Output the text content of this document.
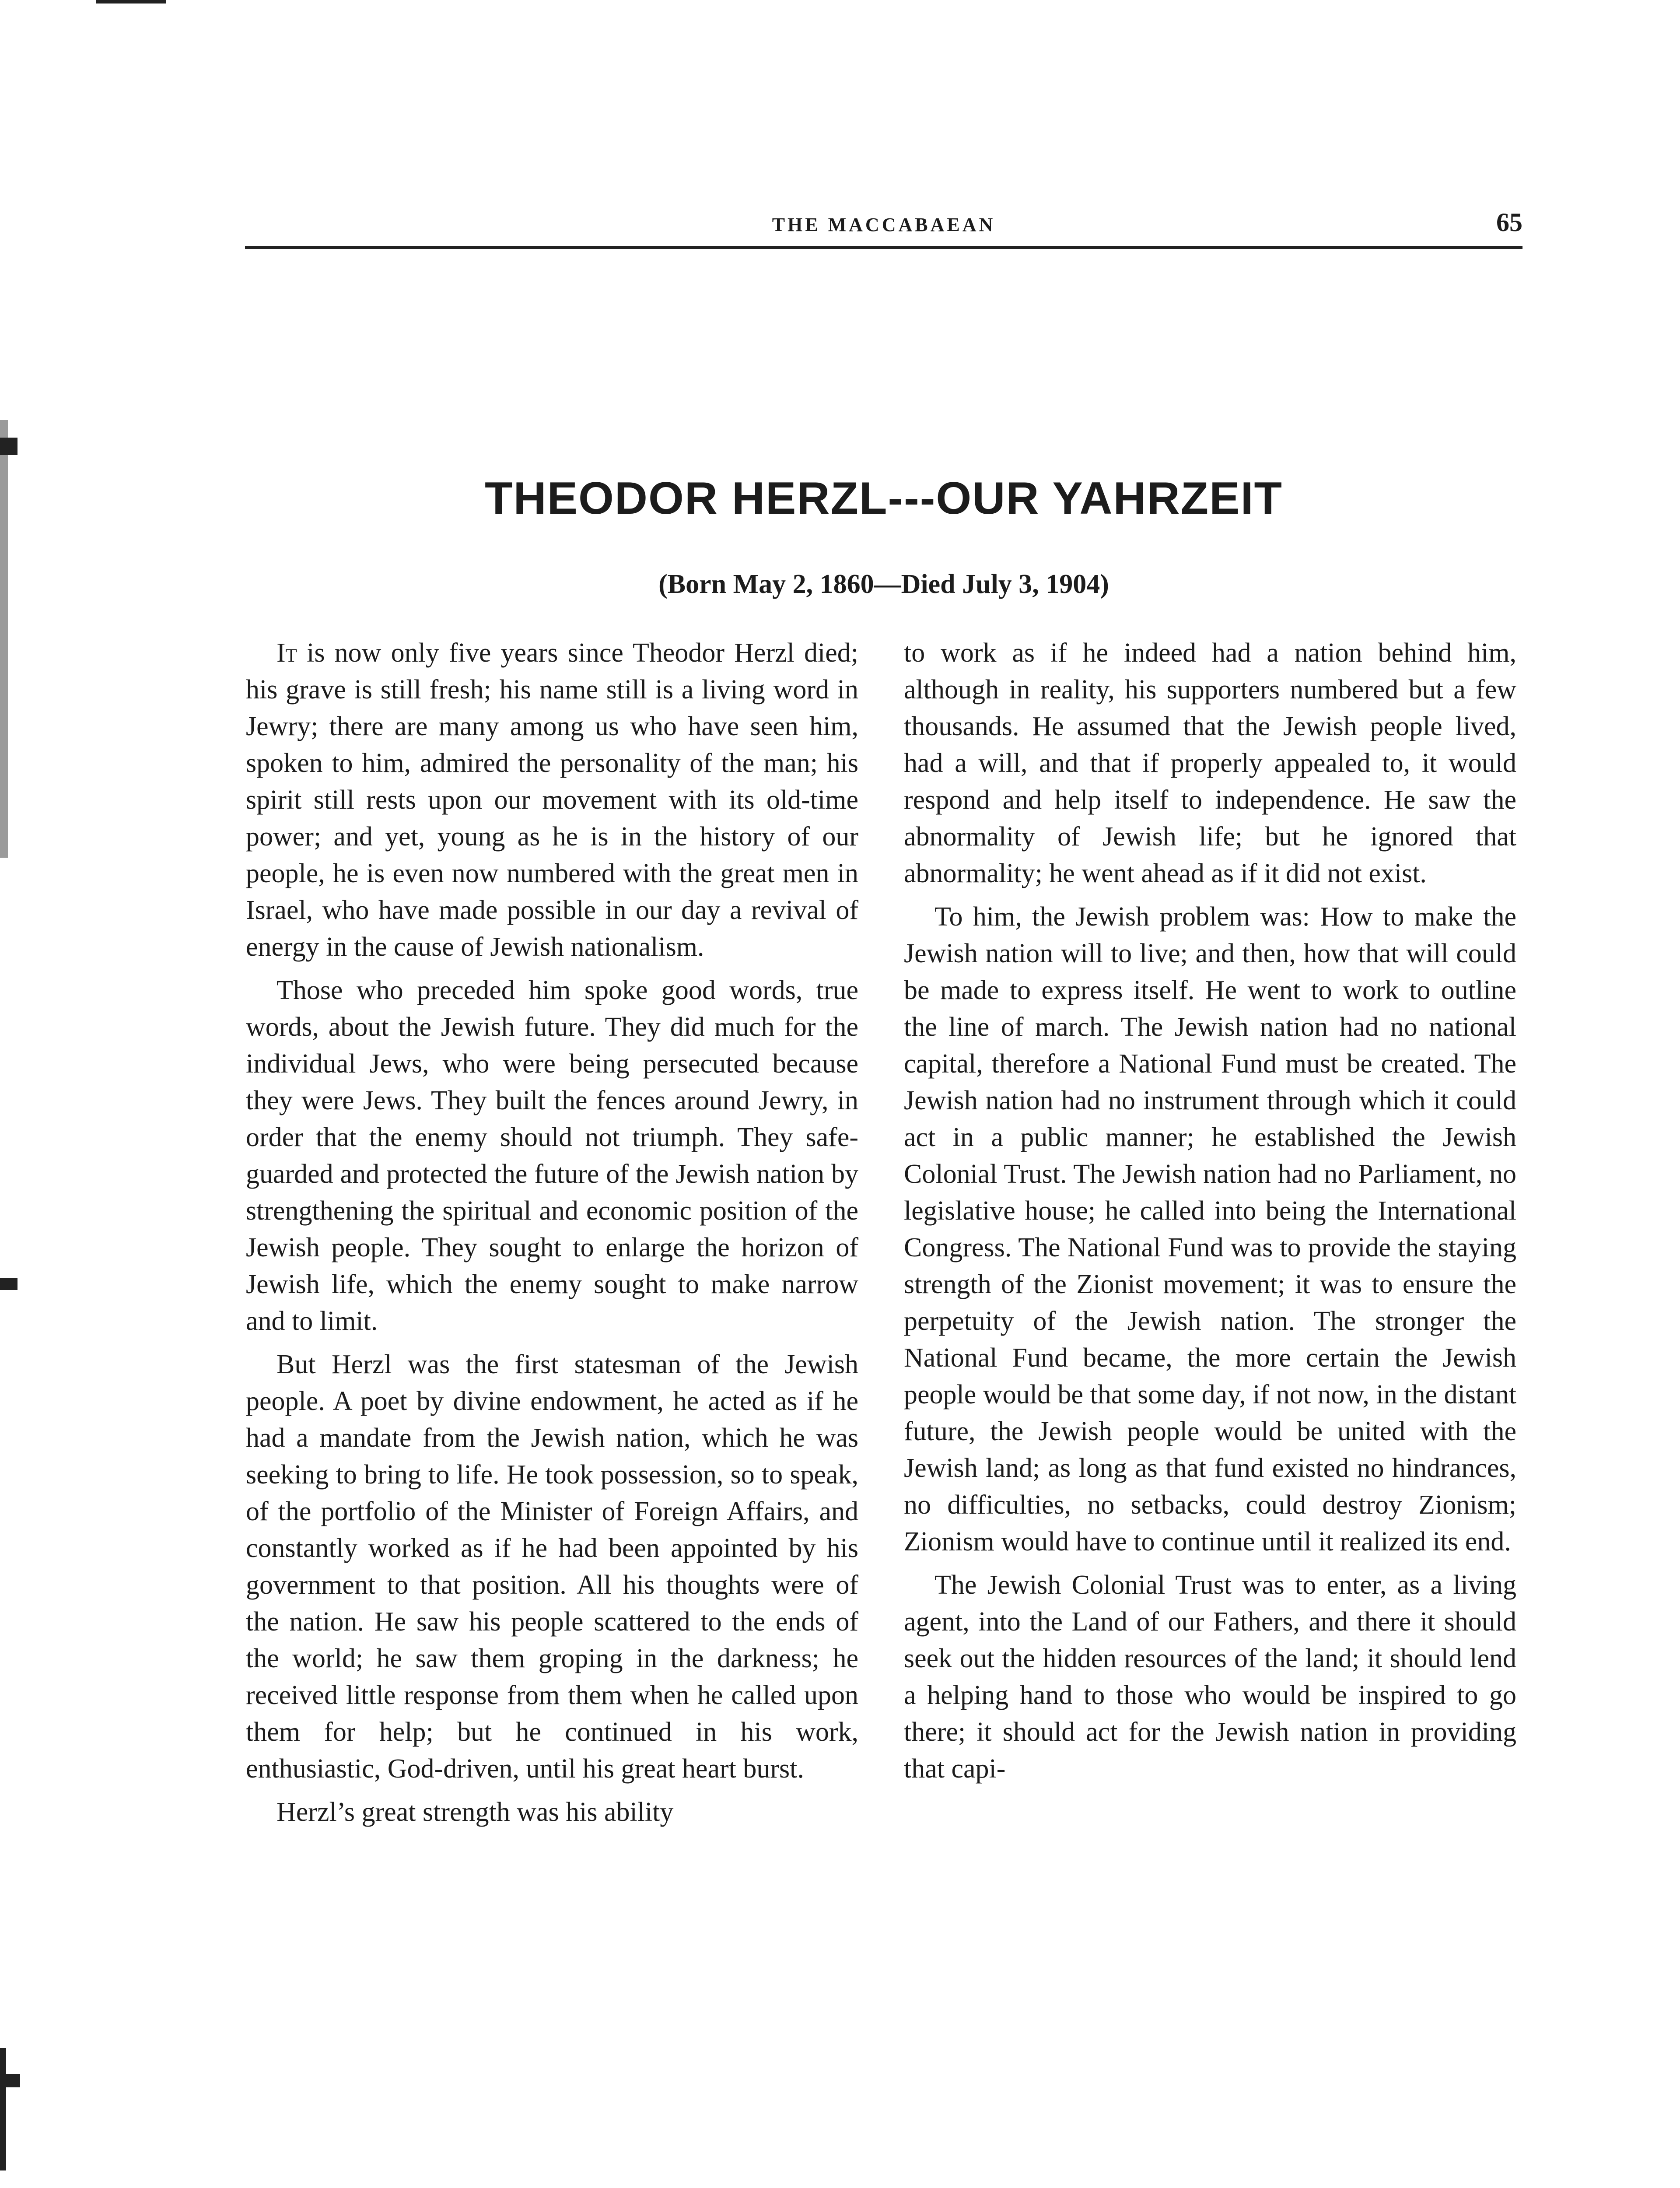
THE MACCABAEAN	65
THEODOR HERZL---OUR YAHRZEIT
(Born May 2, 1860—Died July 3, 1904)

It is now only five years since Theodor Herzl died; his grave is still fresh; his name still is a living word in Jewry; there are many among us who have seen him, spoken to him, admired the personality of the man; his spirit still rests upon our movement with its old-time power; and yet, young as he is in the history of our people, he is even now numbered with the great men in Israel, who have made possible in our day a revival of energy in the cause of Jewish nationalism.

Those who preceded him spoke good words, true words, about the Jewish future. They did much for the individual Jews, who were being persecuted because they were Jews. They built the fences around Jewry, in order that the enemy should not triumph. They safe-guarded and protected the future of the Jewish nation by strengthening the spiritual and economic position of the Jewish people. They sought to enlarge the horizon of Jewish life, which the enemy sought to make narrow and to limit.

But Herzl was the first statesman of the Jewish people. A poet by divine endowment, he acted as if he had a mandate from the Jewish nation, which he was seeking to bring to life. He took possession, so to speak, of the portfolio of the Minister of Foreign Affairs, and constantly worked as if he had been appointed by his government to that position. All his thoughts were of the nation. He saw his people scattered to the ends of the world; he saw them groping in the darkness; he received little response from them when he called upon them for help; but he continued in his work, enthusiastic, God-driven, until his great heart burst.

Herzl’s great strength was his ability

to work as if he indeed had a nation behind him, although in reality, his supporters numbered but a few thousands. He assumed that the Jewish people lived, had a will, and that if properly appealed to, it would respond and help itself to independence. He saw the abnormality of Jewish life; but he ignored that abnormality; he went ahead as if it did not exist.

To him, the Jewish problem was: How to make the Jewish nation will to live; and then, how that will could be made to express itself. He went to work to outline the line of march. The Jewish nation had no national capital, therefore a National Fund must be created. The Jewish nation had no instrument through which it could act in a public manner; he established the Jewish Colonial Trust. The Jewish nation had no Parliament, no legislative house; he called into being the International Congress. The National Fund was to provide the staying strength of the Zionist movement; it was to ensure the perpetuity of the Jewish nation. The stronger the National Fund became, the more certain the Jewish people would be that some day, if not now, in the distant future, the Jewish people would be united with the Jewish land; as long as that fund existed no hindrances, no difficulties, no setbacks, could destroy Zionism; Zionism would have to continue until it realized its end.

The Jewish Colonial Trust was to enter, as a living agent, into the Land of our Fathers, and there it should seek out the hidden resources of the land; it should lend a helping hand to those who would be inspired to go there; it should act for the Jewish nation in providing that capi-
